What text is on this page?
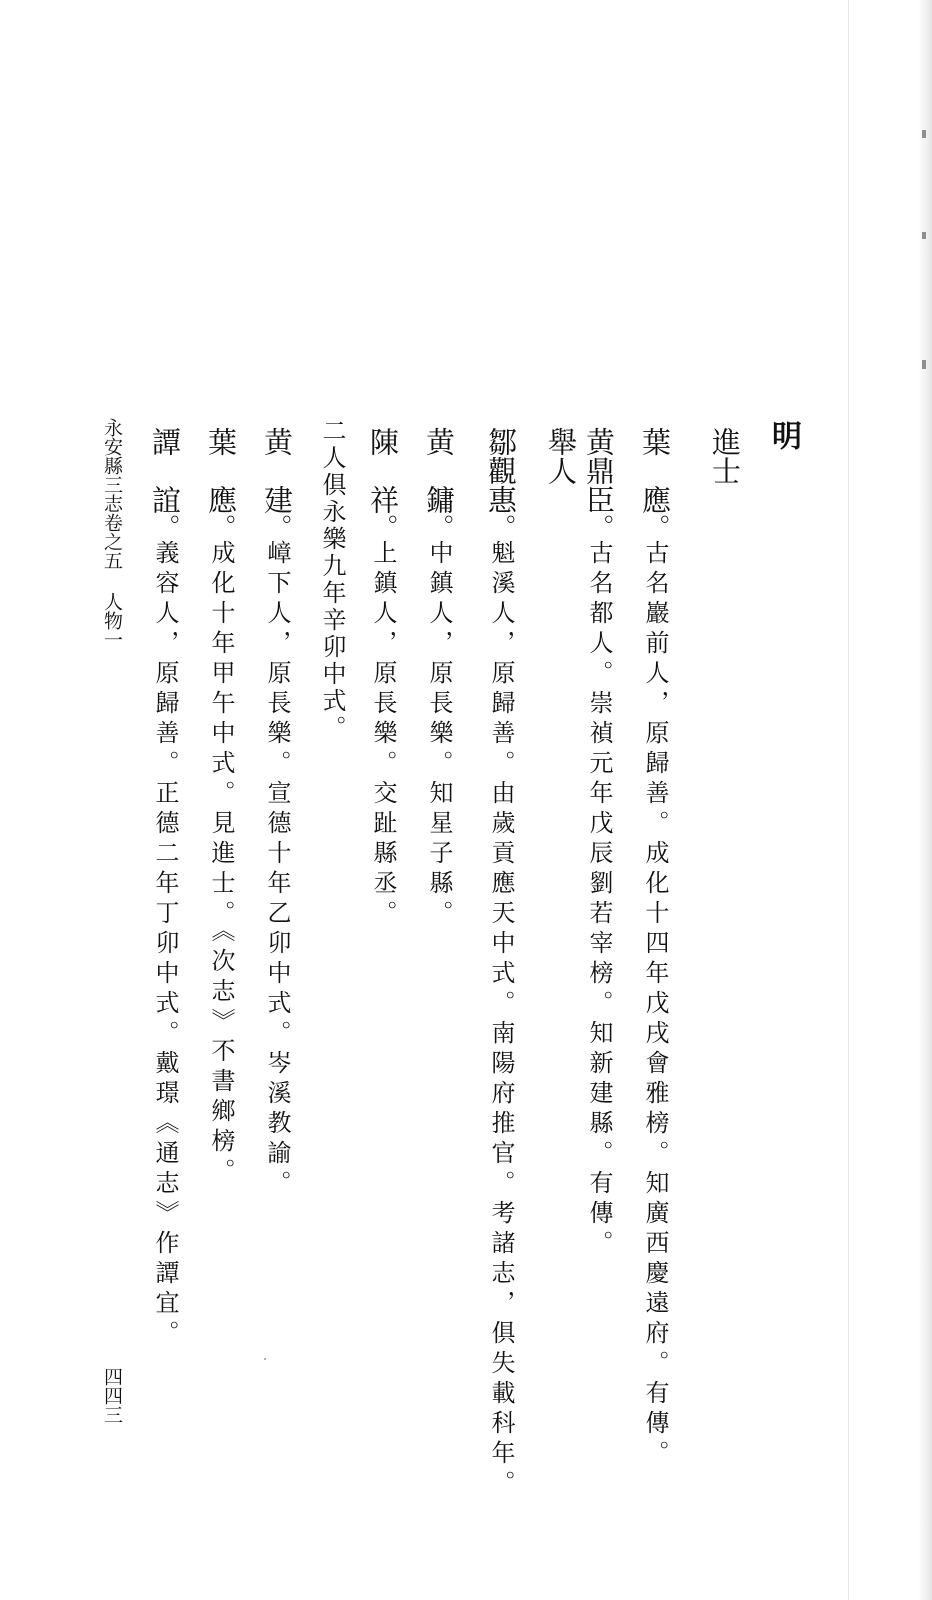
明
進士
葉　應。古名巖前人，原歸善。成化十四年戊戌會雅榜。知廣西慶遠府。有傳。
黄鼎臣。古名都人。崇禎元年戊辰劉若宰榜。知新建縣。有傳。
舉人
鄒觀惠。魁溪人，原歸善。由歲貢應天中式。南陽府推官。考諸志，俱失載科年。
黄　鏞。中鎮人，原長樂。知星子縣。
陳　祥。上鎮人，原長樂。交趾縣丞。
二人俱永樂九年辛卯中式。
黄　建。嶂下人，原長樂。宣德十年乙卯中式。岑溪教諭。
葉　應。成化十年甲午中式。見進士。《次志》不書鄉榜。
譚　誼。義容人，原歸善。正德二年丁卯中式。戴璟《通志》作譚宜。
永安縣三志卷之五人物一
四四三
